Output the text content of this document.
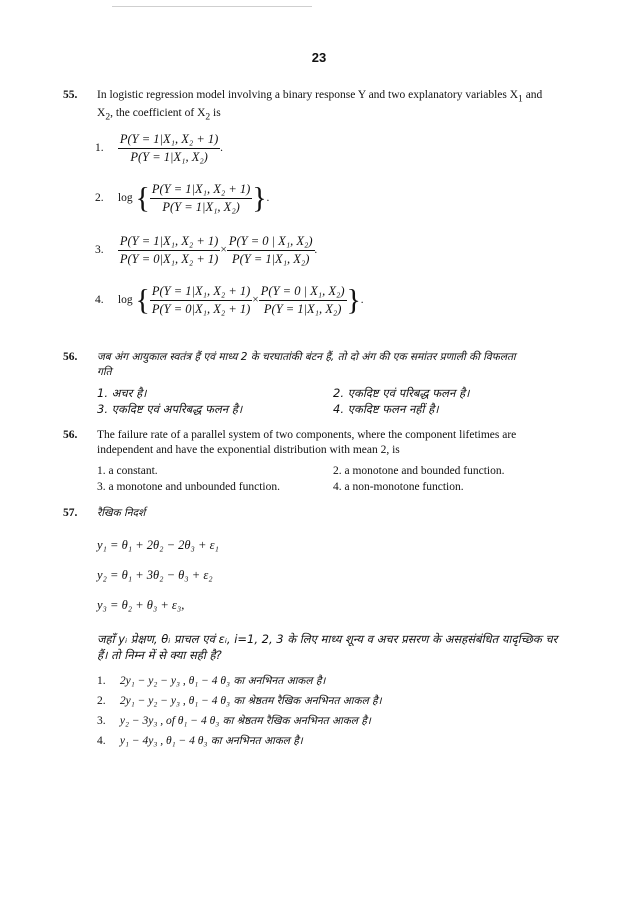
23
55.	In logistic regression model involving a binary response Y and two explanatory variables $X_1$ and
$X_2$, the coefficient of $X_2$ is
1. $\frac{\text{P(Y = 1|X₁, X₂ + 1)}}{\text{P(Y = 1|X₁, X₂)}}$ .
2. log { $\frac{\text{P(Y = 1|X₁, X₂ + 1)}}{\text{P(Y = 1|X₁, X₂)}}$ }.
3. $\frac{\text{P(Y = 1|X₁, X₂ + 1)}}{\text{P(Y = 0|X₁, X₂ + 1)}} \times \frac{\text{P(Y = 0 | X₁, X₂)}}{\text{P(Y = 1|X₁, X₂)}}$ .
4. log { $\frac{\text{P(Y = 1|X₁, X₂ + 1)}}{\text{P(Y = 0|X₁, X₂ + 1)}} \times \frac{\text{P(Y = 0 | X₁, X₂)}}{\text{P(Y = 1|X₁, X₂)}}$ }.
56.	जब अंग आयुकाल स्वतंत्र हैं एवं माध्य 2 के चरघातांकी बंटन हैं, तो दो अंग की एक समांतर प्रणाली की विफलता
गति
1. अचर है।	2. एकदिष्ट एवं परिबद्ध फलन है।
3. एकदिष्ट एवं अपरिबद्ध फलन है।	4. एकदिष्ट फलन नहीं है।
56.	The failure rate of a parallel system of two components, where the component lifetimes are
independent and have the exponential distribution with mean 2, is
1. a constant.	2. a monotone and bounded function.
3. a monotone and unbounded function.	4. a non-monotone function.
57.	रैखिक निदर्श
y₁ = θ₁ + 2θ₂ − 2θ₃ + ε₁
y₂ = θ₁ + 3θ₂ − θ₃ + ε₂
y₃ = θ₂ + θ₃ + ε₃,
जहाँ yᵢ प्रेक्षण, θᵢ प्राचल एवं εᵢ, i=1, 2, 3 के लिए माध्य शून्य व अचर प्रसरण के असहसंबंधित यादृच्छिक चर
हैं। तो निम्न में से क्या सही है?
1. 2y₁ − y₂ − y₃ , θ₁ − 4 θ₃ का अनभिनत आकल है।
2. 2y₁ − y₂ − y₃ , θ₁ − 4 θ₃ का श्रेष्ठतम रैखिक अनभिनत आकल है।
3. y₂ − 3y₃ , of θ₁ − 4 θ₃ का श्रेष्ठतम रैखिक अनभिनत आकल है।
4. y₁ − 4y₃ , θ₁ − 4 θ₃ का अनभिनत आकल है।
